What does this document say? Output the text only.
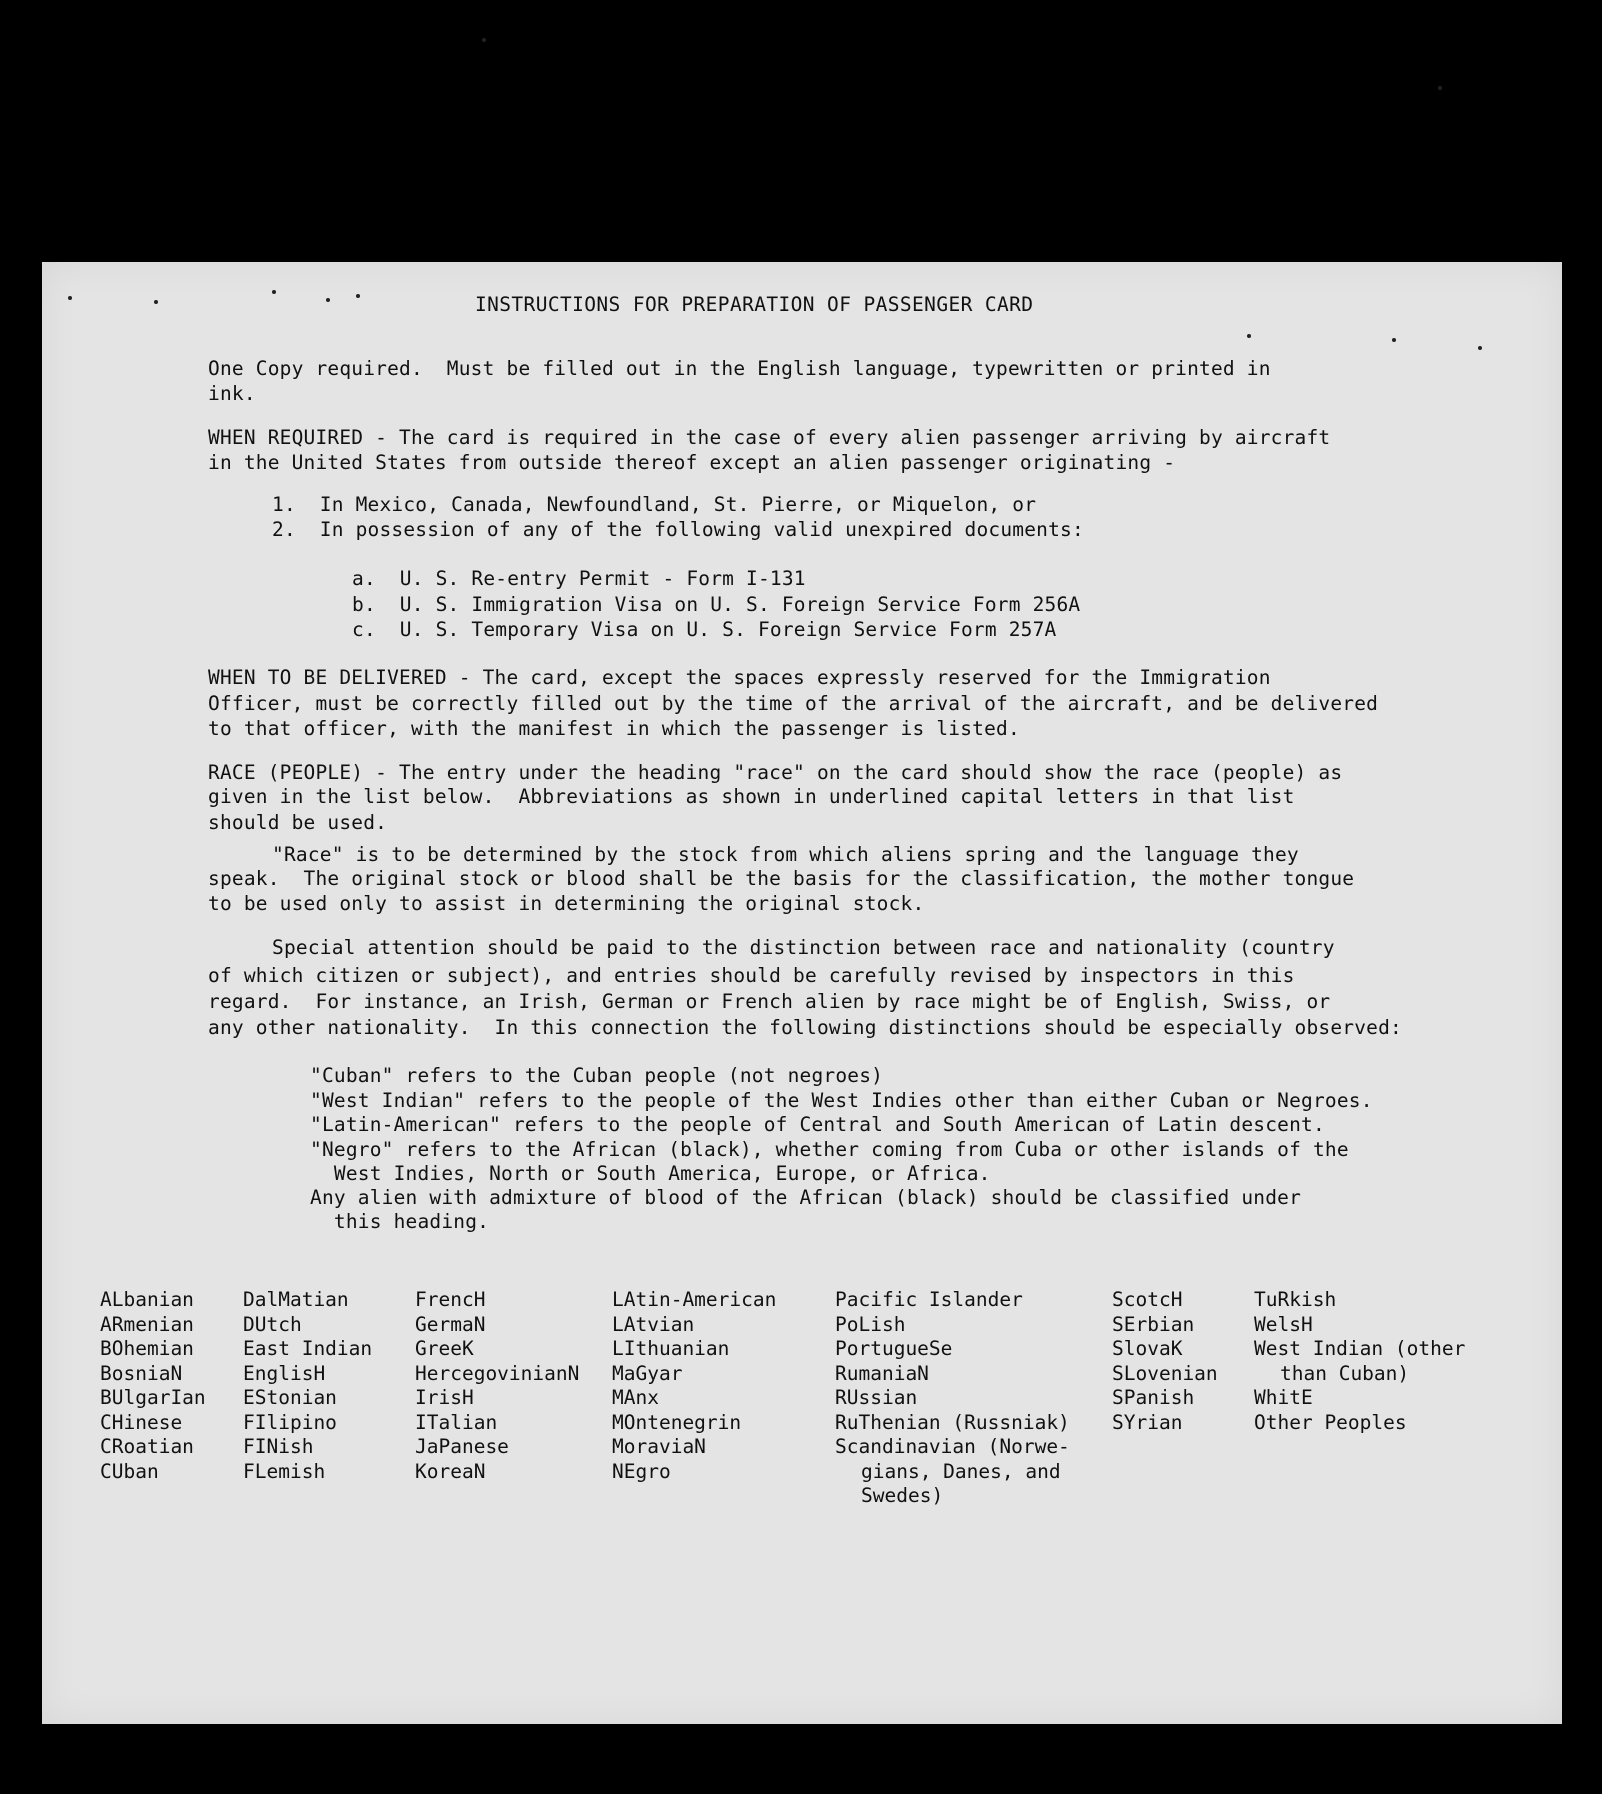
INSTRUCTIONS FOR PREPARATION OF PASSENGER CARD
One Copy required.  Must be filled out in the English language, typewritten or printed in
ink.
WHEN REQUIRED - The card is required in the case of every alien passenger arriving by aircraft
in the United States from outside thereof except an alien passenger originating -
1.  In Mexico, Canada, Newfoundland, St. Pierre, or Miquelon, or
2.  In possession of any of the following valid unexpired documents:
a.  U. S. Re-entry Permit - Form I-131
b.  U. S. Immigration Visa on U. S. Foreign Service Form 256A
c.  U. S. Temporary Visa on U. S. Foreign Service Form 257A
WHEN TO BE DELIVERED - The card, except the spaces expressly reserved for the Immigration
Officer, must be correctly filled out by the time of the arrival of the aircraft, and be delivered
to that officer, with the manifest in which the passenger is listed.
RACE (PEOPLE) - The entry under the heading "race" on the card should show the race (people) as
given in the list below.  Abbreviations as shown in underlined capital letters in that list
should be used.
"Race" is to be determined by the stock from which aliens spring and the language they
speak.  The original stock or blood shall be the basis for the classification, the mother tongue
to be used only to assist in determining the original stock.
Special attention should be paid to the distinction between race and nationality (country
of which citizen or subject), and entries should be carefully revised by inspectors in this
regard.  For instance, an Irish, German or French alien by race might be of English, Swiss, or
any other nationality.  In this connection the following distinctions should be especially observed:
"Cuban" refers to the Cuban people (not negroes)
"West Indian" refers to the people of the West Indies other than either Cuban or Negroes.
"Latin-American" refers to the people of Central and South American of Latin descent.
"Negro" refers to the African (black), whether coming from Cuba or other islands of the
West Indies, North or South America, Europe, or Africa.
Any alien with admixture of blood of the African (black) should be classified under
this heading.
ALbanian
ARmenian
BOhemian
BosniaN
BUlgarIan
CHinese
CRoatian
CUban
DalMatian
DUtch
East Indian
EnglisH
EStonian
FIlipino
FINish
FLemish
FrencH
GermaN
GreeK
HercegovinianN
IrisH
ITalian
JaPanese
KoreaN
LAtin-American
LAtvian
LIthuanian
MaGyar
MAnx
MOntenegrin
MoraviaN
NEgro
Pacific Islander
PoLish
PortugueSe
RumaniaN
RUssian
RuThenian (Russniak)
Scandinavian (Norwe-
gians, Danes, and
Swedes)
ScotcH
SErbian
SlovaK
SLovenian
SPanish
SYrian
TuRkish
WelsH
West Indian (other
than Cuban)
WhitE
Other Peoples
